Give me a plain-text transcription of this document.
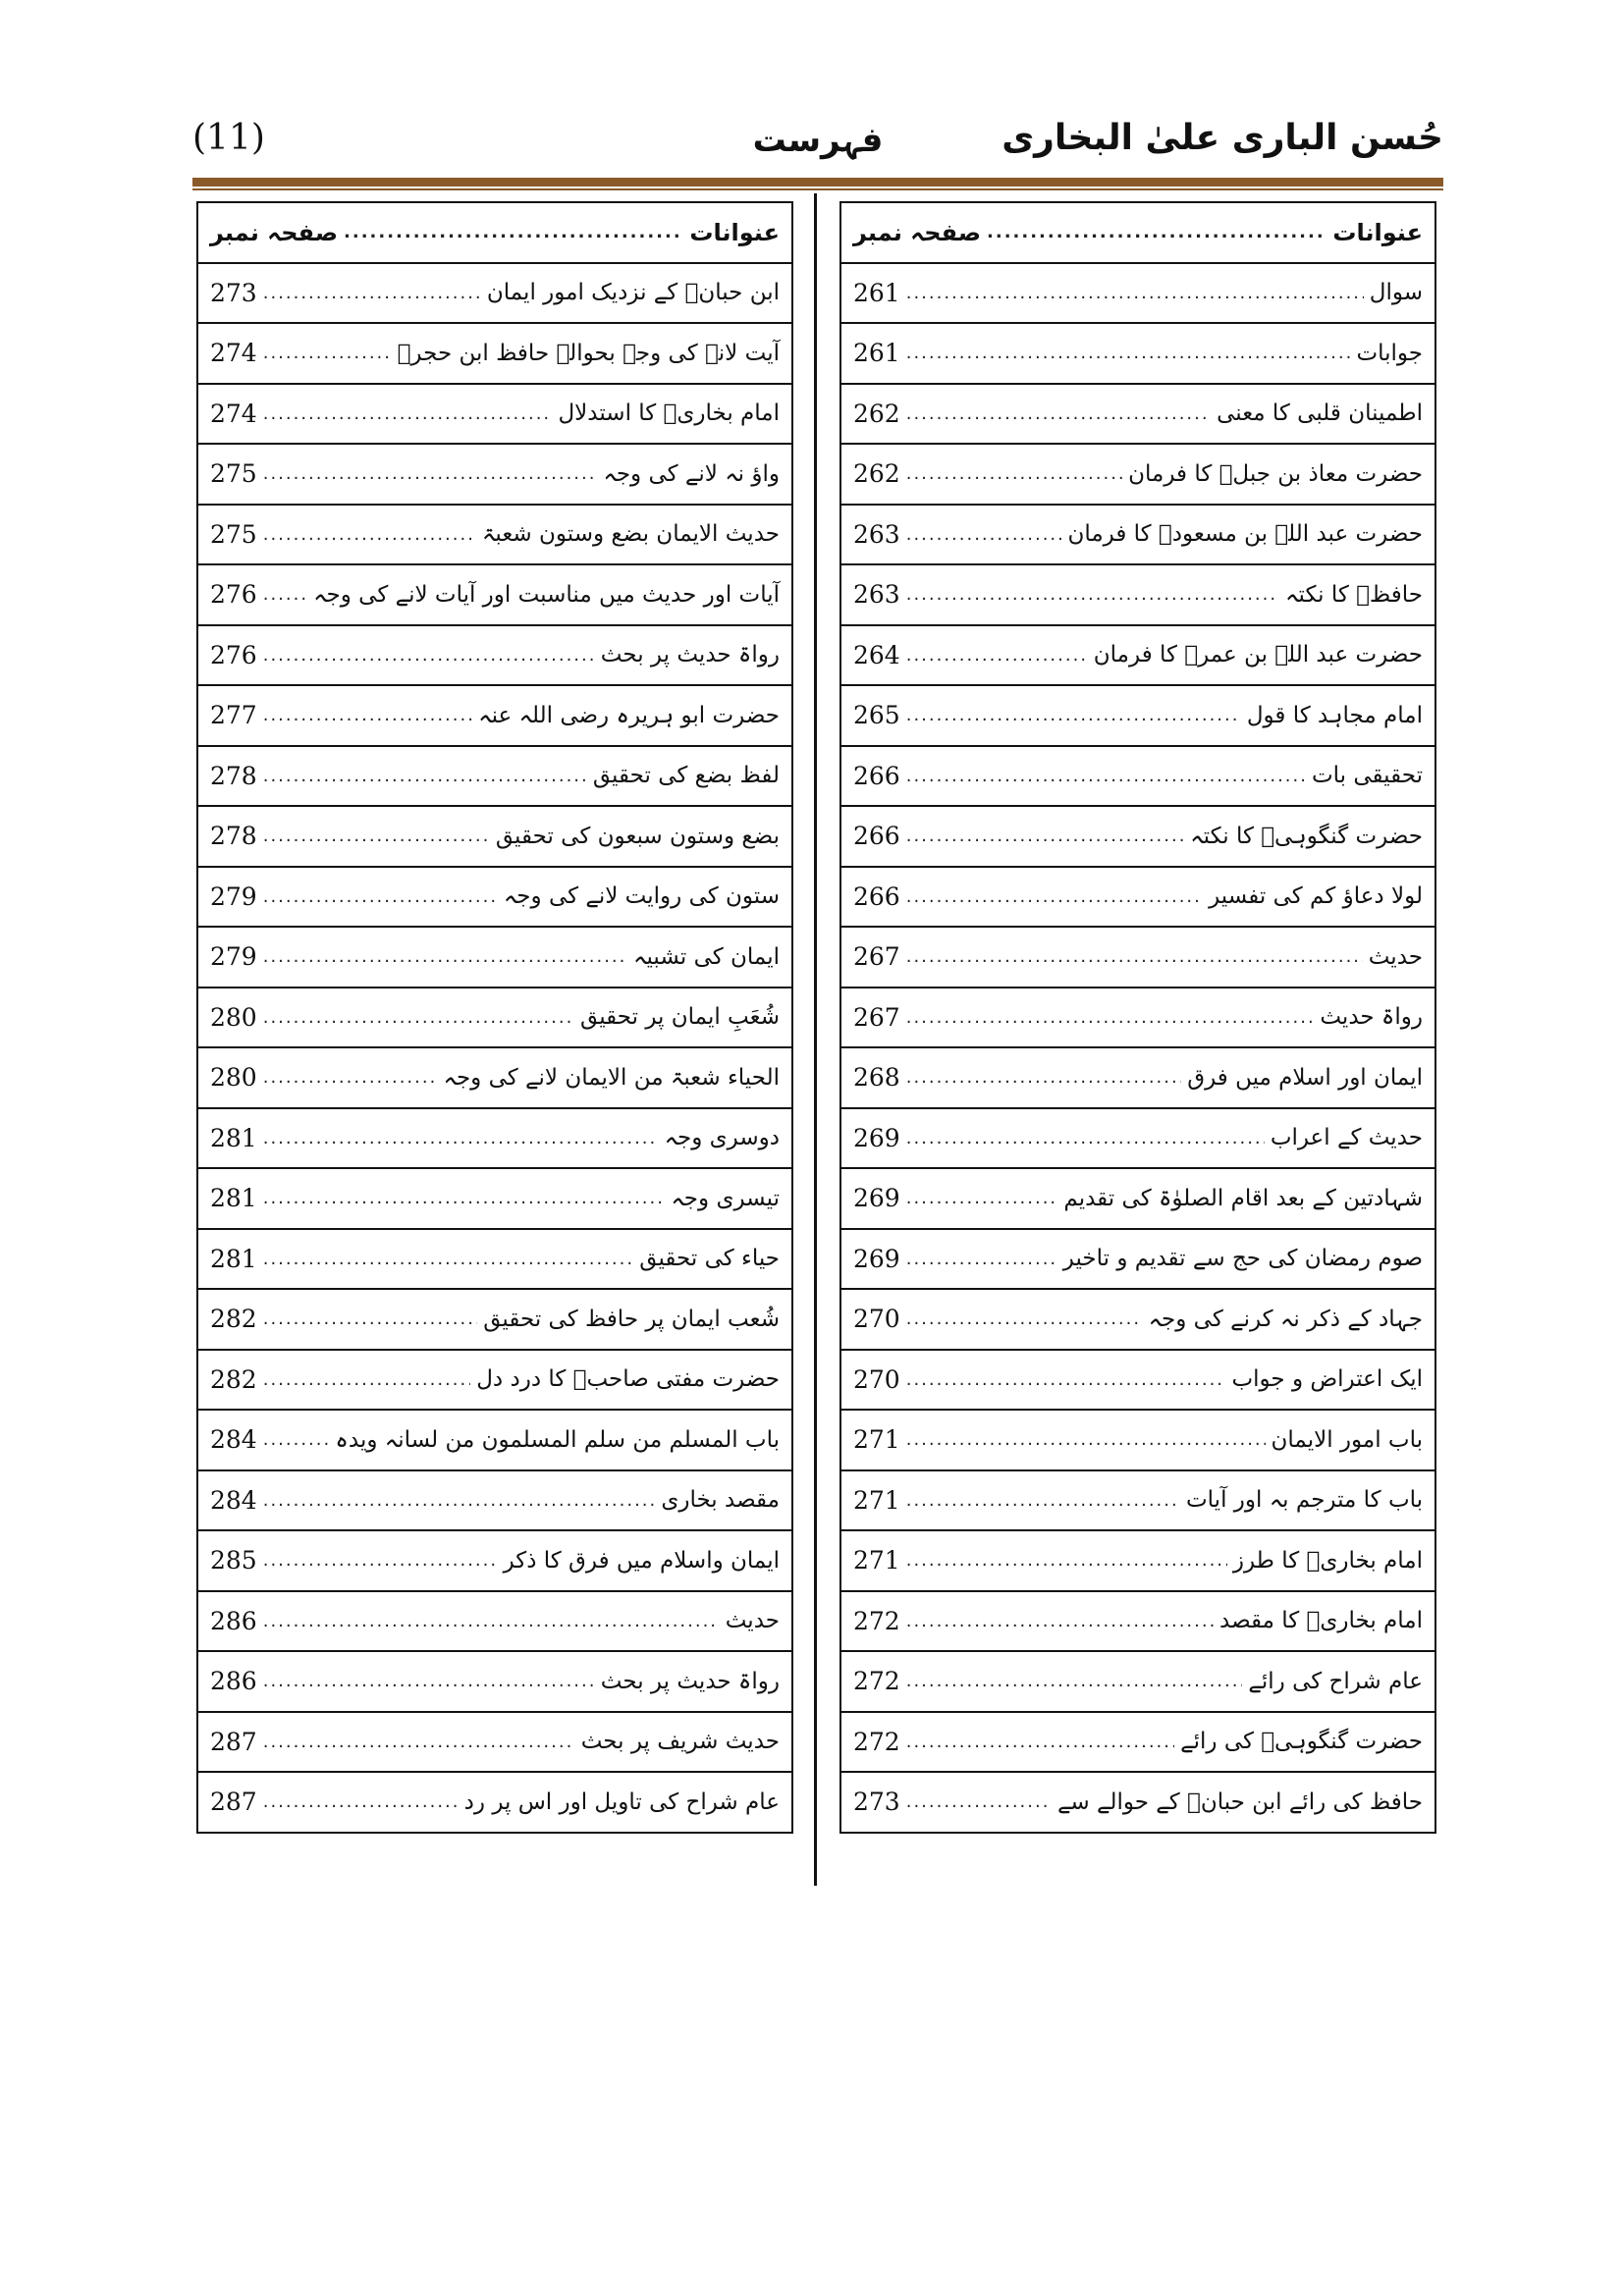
حُسن الباری علیٰ البخاری
فہرست
(11)
صفحہ نمبر .....	عنوانات

261 .....	سوال

261 .....	جوابات

262 .....	اطمینان قلبی کا معنی

262 .....	حضرت معاذ بن جبلؓ کا فرمان

263 .....	حضرت عبد اللہ بن مسعودؓ کا فرمان

263 .....	حافظؒ کا نکتہ

264 .....	حضرت عبد اللہ بن عمرؓ کا فرمان

265 .....	امام مجاہد کا قول

266 .....	تحقیقی بات

266 .....	حضرت گنگوہیؒ کا نکتہ

266 .....	لولا دعاؤ کم کی تفسیر

267 .....	حدیث

267 .....	رواۃ حدیث

268 .....	ایمان اور اسلام میں فرق

269 .....	حدیث کے اعراب

269 .....	شہادتین کے بعد اقام الصلوٰۃ کی تقدیم

269 .....	صوم رمضان کی حج سے تقدیم و تاخیر

270 .....	جہاد کے ذکر نہ کرنے کی وجہ

270 .....	ایک اعتراض و جواب

271 .....	باب امور الایمان

271 .....	باب کا مترجم بہ اور آیات

271 .....	امام بخاریؒ کا طرز

272 .....	امام بخاریؒ کا مقصد

272 .....	عام شراح کی رائے

272 .....	حضرت گنگوہیؒ کی رائے

273 .....	حافظ کی رائے ابن حبانؒ کے حوالے سے
صفحہ نمبر .....	عنوانات

273 .....	ابن حبانؒ کے نزدیک امور ایمان

274 .....	آیت لانے کی وجہ بحوالہ حافظ ابن حجرؒ

274 .....	امام بخاریؒ کا استدلال

275 .....	واؤ نہ لانے کی وجہ

275 .....	حدیث الایمان بضع وستون شعبۃ

276 ..... آیات اور حدیث میں مناسبت اور آیات لانے کی وجہ

276 .....	رواۃ حدیث پر بحث

277 .....	حضرت ابو ہریرہ رضی اللہ عنہ

278 .....	لفظ بضع کی تحقیق

278 .....	بضع وستون سبعون کی تحقیق

279 .....	ستون کی روایت لانے کی وجہ

279 .....	ایمان کی تشبیہ

280 .....	شُعَبِ ایمان پر تحقیق

280 .....	الحیاء شعبۃ من الایمان لانے کی وجہ

281 .....	دوسری وجہ

281 .....	تیسری وجہ

281 .....	حیاء کی تحقیق

282 .....	شُعب ایمان پر حافظ کی تحقیق

282 .....	حضرت مفتی صاحبؒ کا درد دل

284 .....	باب المسلم من سلم المسلمون من لسانہ ویدہ

284 .....	مقصد بخاری

285 .....	ایمان واسلام میں فرق کا ذکر

286 .....	حدیث

286 .....	رواۃ حدیث پر بحث

287 .....	حدیث شریف پر بحث

287 .....	عام شراح کی تاویل اور اس پر رد
